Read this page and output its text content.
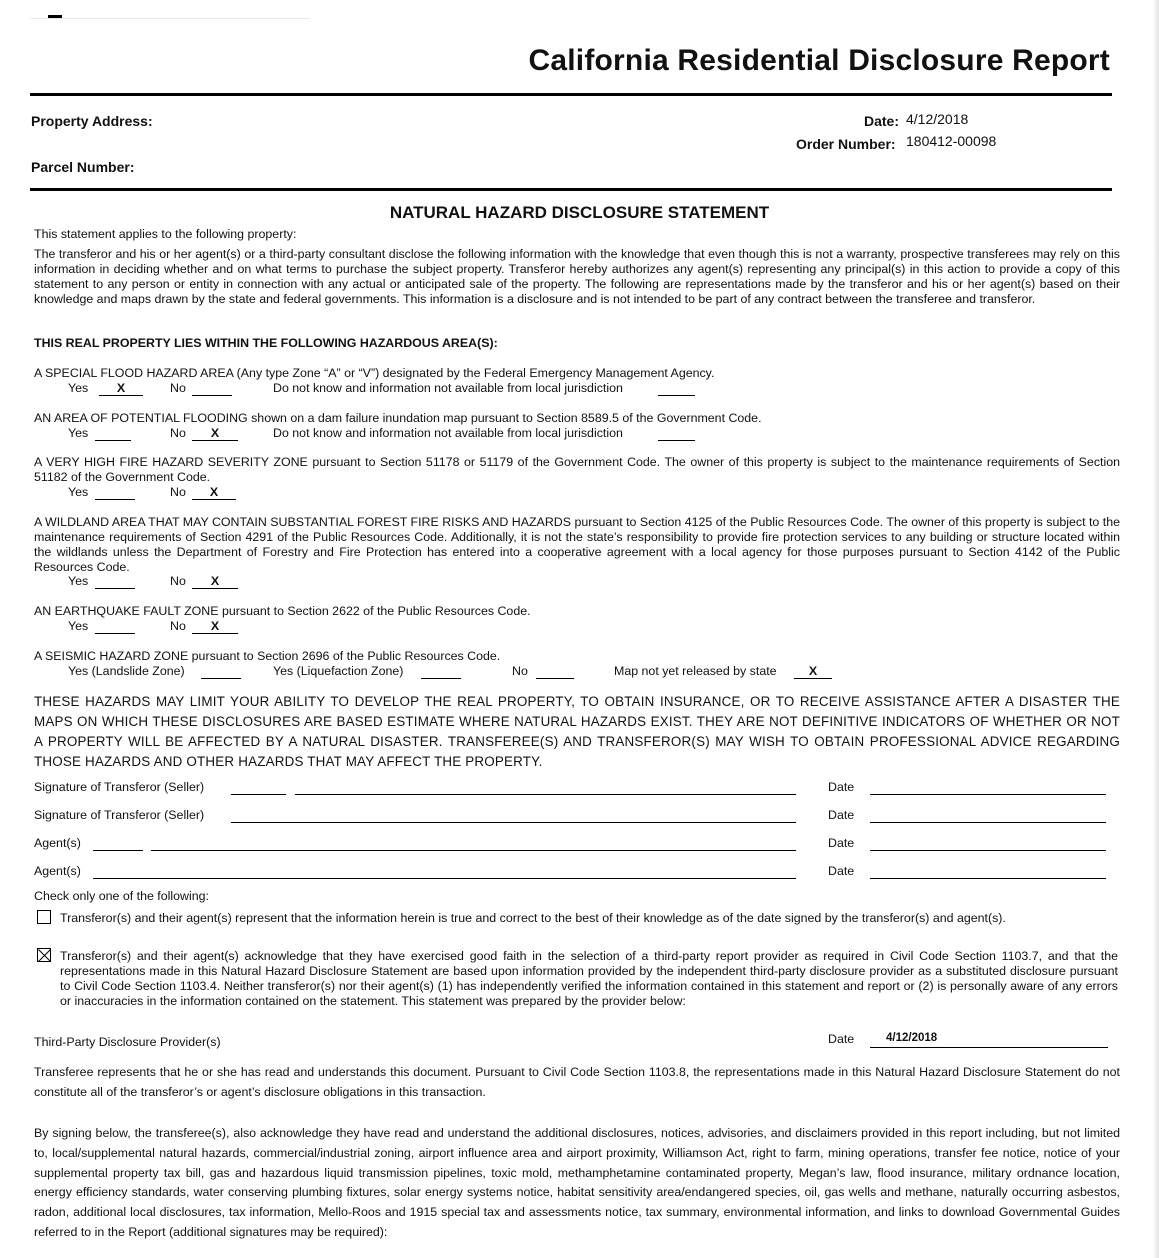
California Residential Disclosure Report
Property Address:
Parcel Number:
Date: 4/12/2018
Order Number: 180412-00098
NATURAL HAZARD DISCLOSURE STATEMENT
This statement applies to the following property:
The transferor and his or her agent(s) or a third-party consultant disclose the following information with the knowledge that even though this is not a warranty, prospective transferees may rely on this information in deciding whether and on what terms to purchase the subject property. Transferor hereby authorizes any agent(s) representing any principal(s) in this action to provide a copy of this statement to any person or entity in connection with any actual or anticipated sale of the property. The following are representations made by the transferor and his or her agent(s) based on their knowledge and maps drawn by the state and federal governments. This information is a disclosure and is not intended to be part of any contract between the transferee and transferor.
THIS REAL PROPERTY LIES WITHIN THE FOLLOWING HAZARDOUS AREA(S):
A SPECIAL FLOOD HAZARD AREA (Any type Zone “A” or “V”) designated by the Federal Emergency Management Agency.
Yes	X	No	Do not know and information not available from local jurisdiction
AN AREA OF POTENTIAL FLOODING shown on a dam failure inundation map pursuant to Section 8589.5 of the Government Code.
Yes	No	X	Do not know and information not available from local jurisdiction
A VERY HIGH FIRE HAZARD SEVERITY ZONE pursuant to Section 51178 or 51179 of the Government Code. The owner of this property is subject to the maintenance requirements of Section 51182 of the Government Code.
Yes	No	X
A WILDLAND AREA THAT MAY CONTAIN SUBSTANTIAL FOREST FIRE RISKS AND HAZARDS pursuant to Section 4125 of the Public Resources Code. The owner of this property is subject to the maintenance requirements of Section 4291 of the Public Resources Code. Additionally, it is not the state’s responsibility to provide fire protection services to any building or structure located within the wildlands unless the Department of Forestry and Fire Protection has entered into a cooperative agreement with a local agency for those purposes pursuant to Section 4142 of the Public Resources Code.
Yes	No	X
AN EARTHQUAKE FAULT ZONE pursuant to Section 2622 of the Public Resources Code.
Yes	No	X
A SEISMIC HAZARD ZONE pursuant to Section 2696 of the Public Resources Code.
Yes (Landslide Zone)	Yes (Liquefaction Zone)	No	Map not yet released by state	X
THESE HAZARDS MAY LIMIT YOUR ABILITY TO DEVELOP THE REAL PROPERTY, TO OBTAIN INSURANCE, OR TO RECEIVE ASSISTANCE AFTER A DISASTER THE MAPS ON WHICH THESE DISCLOSURES ARE BASED ESTIMATE WHERE NATURAL HAZARDS EXIST. THEY ARE NOT DEFINITIVE INDICATORS OF WHETHER OR NOT A PROPERTY WILL BE AFFECTED BY A NATURAL DISASTER. TRANSFEREE(S) AND TRANSFEROR(S) MAY WISH TO OBTAIN PROFESSIONAL ADVICE REGARDING THOSE HAZARDS AND OTHER HAZARDS THAT MAY AFFECT THE PROPERTY.
Signature of Transferor (Seller)	Date
Signature of Transferor (Seller)	Date
Agent(s)	Date
Agent(s)	Date
Check only one of the following:
Transferor(s) and their agent(s) represent that the information herein is true and correct to the best of their knowledge as of the date signed by the transferor(s) and agent(s).
Transferor(s) and their agent(s) acknowledge that they have exercised good faith in the selection of a third-party report provider as required in Civil Code Section 1103.7, and that the representations made in this Natural Hazard Disclosure Statement are based upon information provided by the independent third-party disclosure provider as a substituted disclosure pursuant to Civil Code Section 1103.4. Neither transferor(s) nor their agent(s) (1) has independently verified the information contained in this statement and report or (2) is personally aware of any errors or inaccuracies in the information contained on the statement. This statement was prepared by the provider below:
Third-Party Disclosure Provider(s)	Date	4/12/2018
Transferee represents that he or she has read and understands this document. Pursuant to Civil Code Section 1103.8, the representations made in this Natural Hazard Disclosure Statement do not constitute all of the transferor’s or agent’s disclosure obligations in this transaction.
By signing below, the transferee(s), also acknowledge they have read and understand the additional disclosures, notices, advisories, and disclaimers provided in this report including, but not limited to, local/supplemental natural hazards, commercial/industrial zoning, airport influence area and airport proximity, Williamson Act, right to farm, mining operations, transfer fee notice, notice of your supplemental property tax bill, gas and hazardous liquid transmission pipelines, toxic mold, methamphetamine contaminated property, Megan’s law, flood insurance, military ordnance location, energy efficiency standards, water conserving plumbing fixtures, solar energy systems notice, habitat sensitivity area/endangered species, oil, gas wells and methane, naturally occurring asbestos, radon, additional local disclosures, tax information, Mello-Roos and 1915 special tax and assessments notice, tax summary, environmental information, and links to download Governmental Guides referred to in the Report (additional signatures may be required):
